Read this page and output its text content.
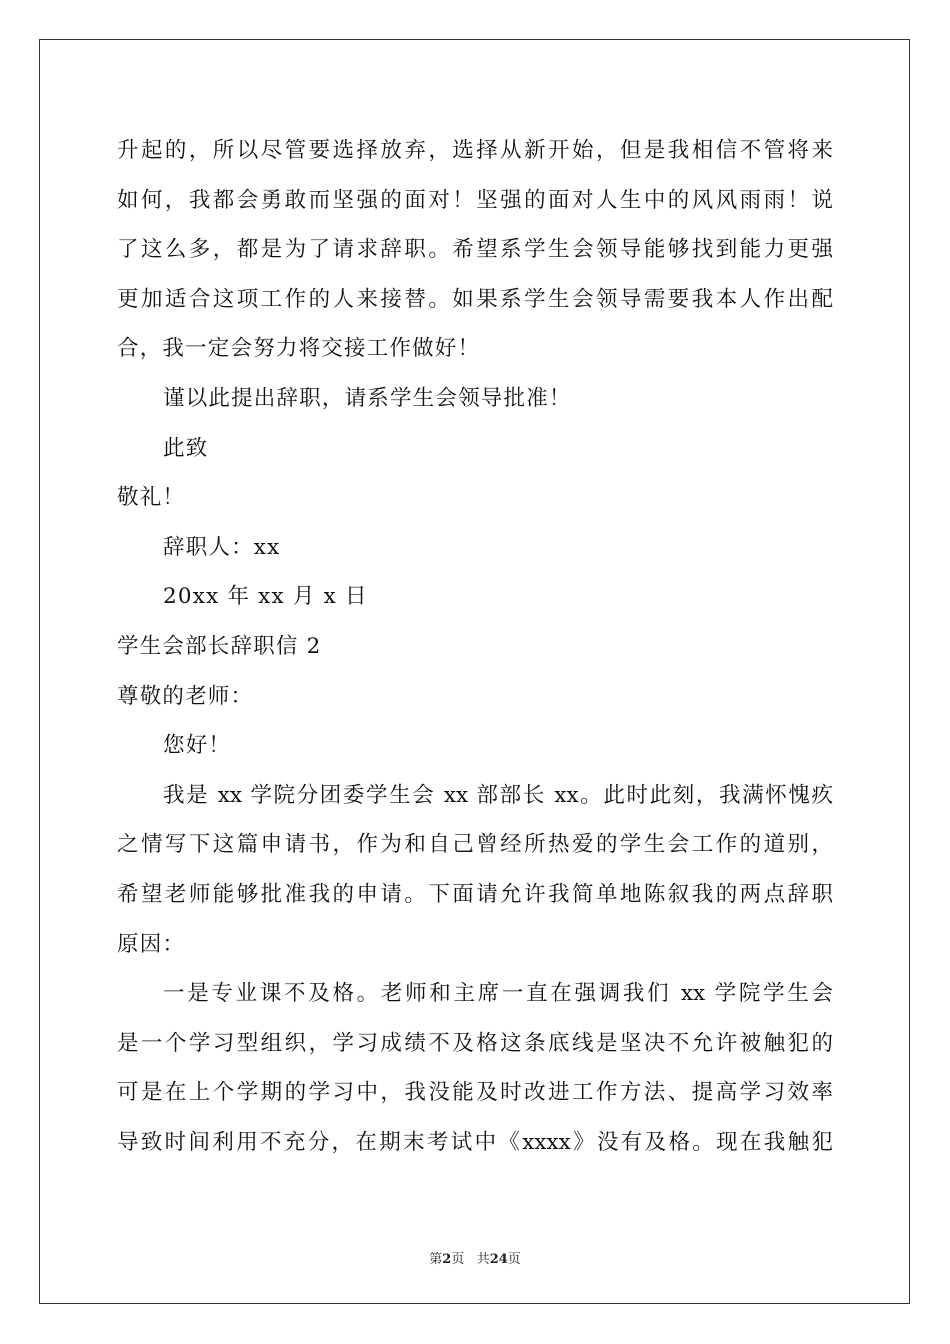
升起的，所以尽管要选择放弃，选择从新开始，但是我相信不管将来
如何，我都会勇敢而坚强的面对！坚强的面对人生中的风风雨雨！说
了这么多，都是为了请求辞职。希望系学生会领导能够找到能力更强
更加适合这项工作的人来接替。如果系学生会领导需要我本人作出配
合，我一定会努力将交接工作做好！
谨以此提出辞职，请系学生会领导批准！
此致
敬礼！
辞职人：xx
20xx 年 xx 月 x 日
学生会部长辞职信 2
尊敬的老师：
您好！
我是 xx 学院分团委学生会 xx 部部长 xx。此时此刻，我满怀愧疚
之情写下这篇申请书，作为和自己曾经所热爱的学生会工作的道别，
希望老师能够批准我的申请。下面请允许我简单地陈叙我的两点辞职
原因：
一是专业课不及格。老师和主席一直在强调我们 xx 学院学生会
是一个学习型组织，学习成绩不及格这条底线是坚决不允许被触犯的
可是在上个学期的学习中，我没能及时改进工作方法、提高学习效率
导致时间利用不充分，在期末考试中《xxxx》没有及格。现在我触犯
第2页 共24页
